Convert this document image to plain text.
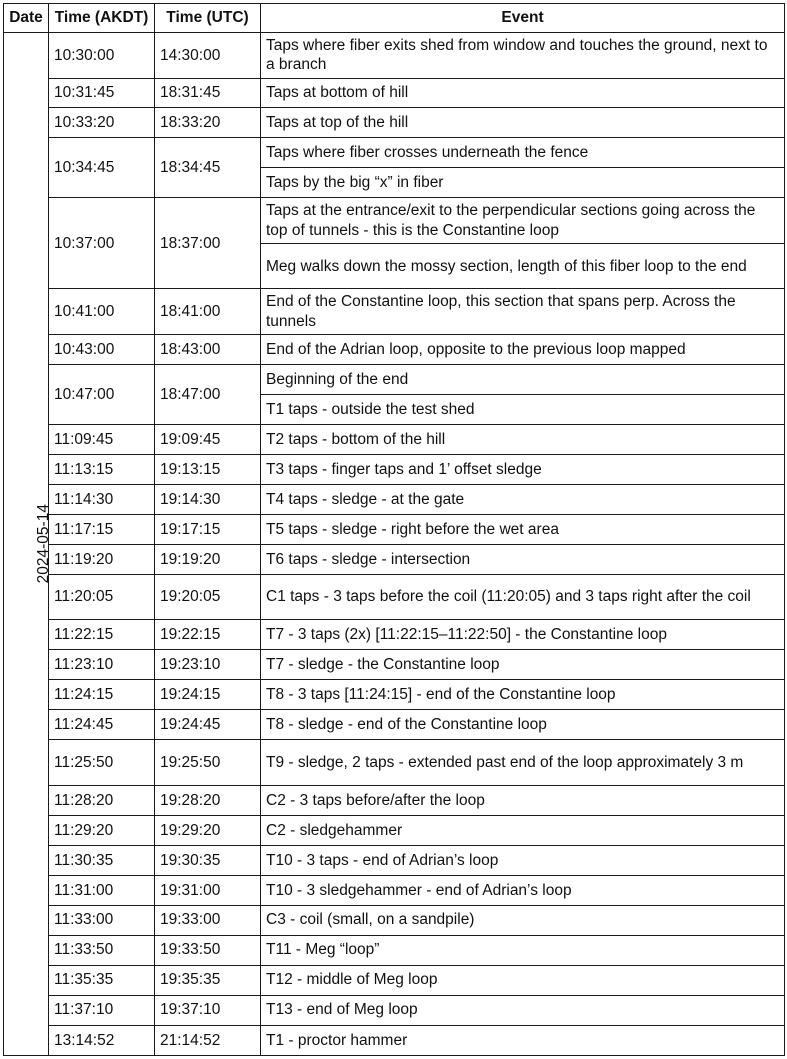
Date	Time (AKDT)	Time (UTC)	Event
2024-05-14	10:30:00	14:30:00	Taps where fiber exits shed from window and touches the ground, next to a branch
	10:31:45	18:31:45	Taps at bottom of hill
	10:33:20	18:33:20	Taps at top of the hill
	10:34:45	18:34:45	Taps where fiber crosses underneath the fence
			Taps by the big “x” in fiber
	10:37:00	18:37:00	Taps at the entrance/exit to the perpendicular sections going across the top of tunnels - this is the Constantine loop
			Meg walks down the mossy section, length of this fiber loop to the end
	10:41:00	18:41:00	End of the Constantine loop, this section that spans perp. Across the tunnels
	10:43:00	18:43:00	End of the Adrian loop, opposite to the previous loop mapped
	10:47:00	18:47:00	Beginning of the end
			T1 taps - outside the test shed
	11:09:45	19:09:45	T2 taps - bottom of the hill
	11:13:15	19:13:15	T3 taps - finger taps and 1’ offset sledge
	11:14:30	19:14:30	T4 taps - sledge - at the gate
	11:17:15	19:17:15	T5 taps - sledge - right before the wet area
	11:19:20	19:19:20	T6 taps - sledge - intersection
	11:20:05	19:20:05	C1 taps - 3 taps before the coil (11:20:05) and 3 taps right after the coil
	11:22:15	19:22:15	T7 - 3 taps (2x) [11:22:15–11:22:50] - the Constantine loop
	11:23:10	19:23:10	T7 - sledge - the Constantine loop
	11:24:15	19:24:15	T8 - 3 taps [11:24:15] - end of the Constantine loop
	11:24:45	19:24:45	T8 - sledge - end of the Constantine loop
	11:25:50	19:25:50	T9 - sledge, 2 taps - extended past end of the loop approximately 3 m
	11:28:20	19:28:20	C2 - 3 taps before/after the loop
	11:29:20	19:29:20	C2 - sledgehammer
	11:30:35	19:30:35	T10 - 3 taps - end of Adrian’s loop
	11:31:00	19:31:00	T10 - 3 sledgehammer - end of Adrian’s loop
	11:33:00	19:33:00	C3 - coil (small, on a sandpile)
	11:33:50	19:33:50	T11 - Meg “loop”
	11:35:35	19:35:35	T12 - middle of Meg loop
	11:37:10	19:37:10	T13 - end of Meg loop
	13:14:52	21:14:52	T1 - proctor hammer
